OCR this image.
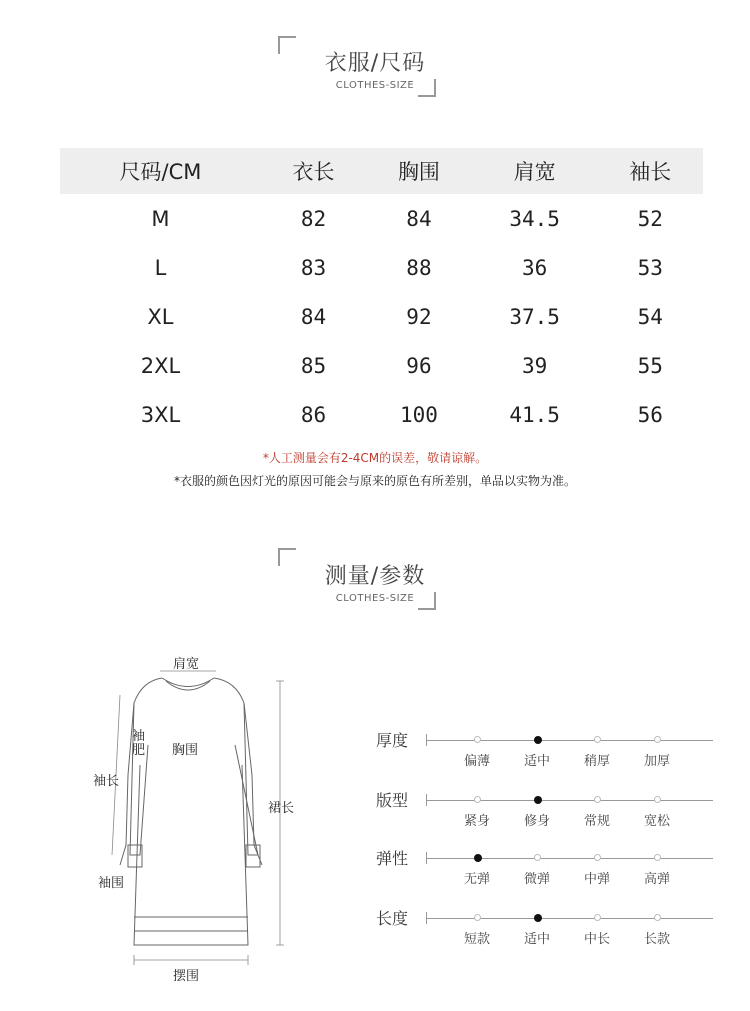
衣服/尺码
CLOTHES-SIZE
尺码/CM	衣长	胸围	肩宽	袖长
M	82	84	34.5	52
L	83	88	36	53
XL	84	92	37.5	54
2XL	85	96	39	55
3XL	86	100	41.5	56
*人工测量会有2-4CM的误差，敬请谅解。
*衣服的颜色因灯光的原因可能会与原来的原色有所差别，单品以实物为准。
测量/参数
CLOTHES-SIZE
肩宽
袖
肥 胸围
袖长
裙长
袖围
摆围
厚度
偏薄	适中	稍厚	加厚
版型
紧身	修身	常规	宽松
弹性
无弹	微弹	中弹	高弹
长度
短款	适中	中长	长款
